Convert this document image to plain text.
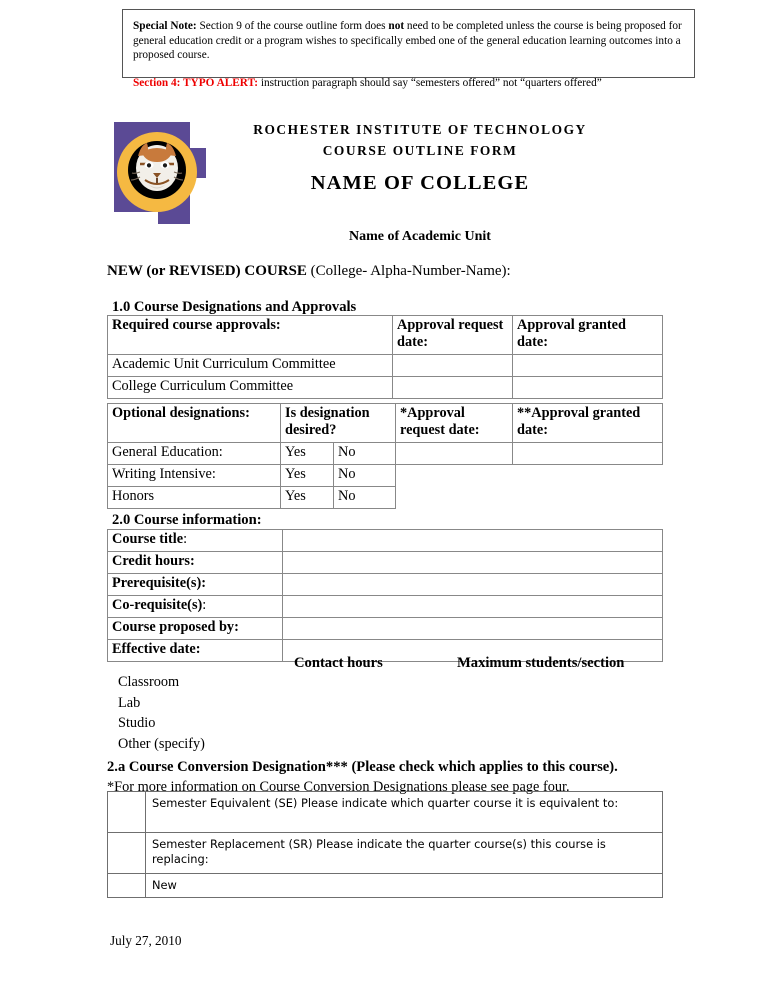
Special Note: Section 9 of the course outline form does not need to be completed unless the course is being proposed for general education credit or a program wishes to specifically embed one of the general education learning outcomes into a proposed course.

Section 4: TYPO ALERT: instruction paragraph should say “semesters offered” not “quarters offered”

ROCHESTER INSTITUTE OF TECHNOLOGY
COURSE OUTLINE FORM
NAME OF COLLEGE
Name of Academic Unit
NEW (or REVISED) COURSE (College- Alpha-Number-Name):
1.0 Course Designations and Approvals
Required course approvals:	Approval request date:	Approval granted date:
Academic Unit Curriculum Committee		
College Curriculum Committee		
Optional designations:	Is designation desired?		*Approval request date:	**Approval granted date:
General Education:	Yes	No		
Writing Intensive:	Yes	No		
Honors	Yes	No		
2.0 Course information:
Course title:	
Credit hours:	
Prerequisite(s):	
Co-requisite(s):	
Course proposed by:	
Effective date:	
Contact hours	Maximum students/section
Classroom
Lab
Studio
Other (specify)
2.a Course Conversion Designation*** (Please check which applies to this course).
*For more information on Course Conversion Designations please see page four.
	Semester Equivalent (SE) Please indicate which quarter course it is equivalent to:
	Semester Replacement (SR) Please indicate the quarter course(s) this course is replacing:
	New
July 27, 2010
